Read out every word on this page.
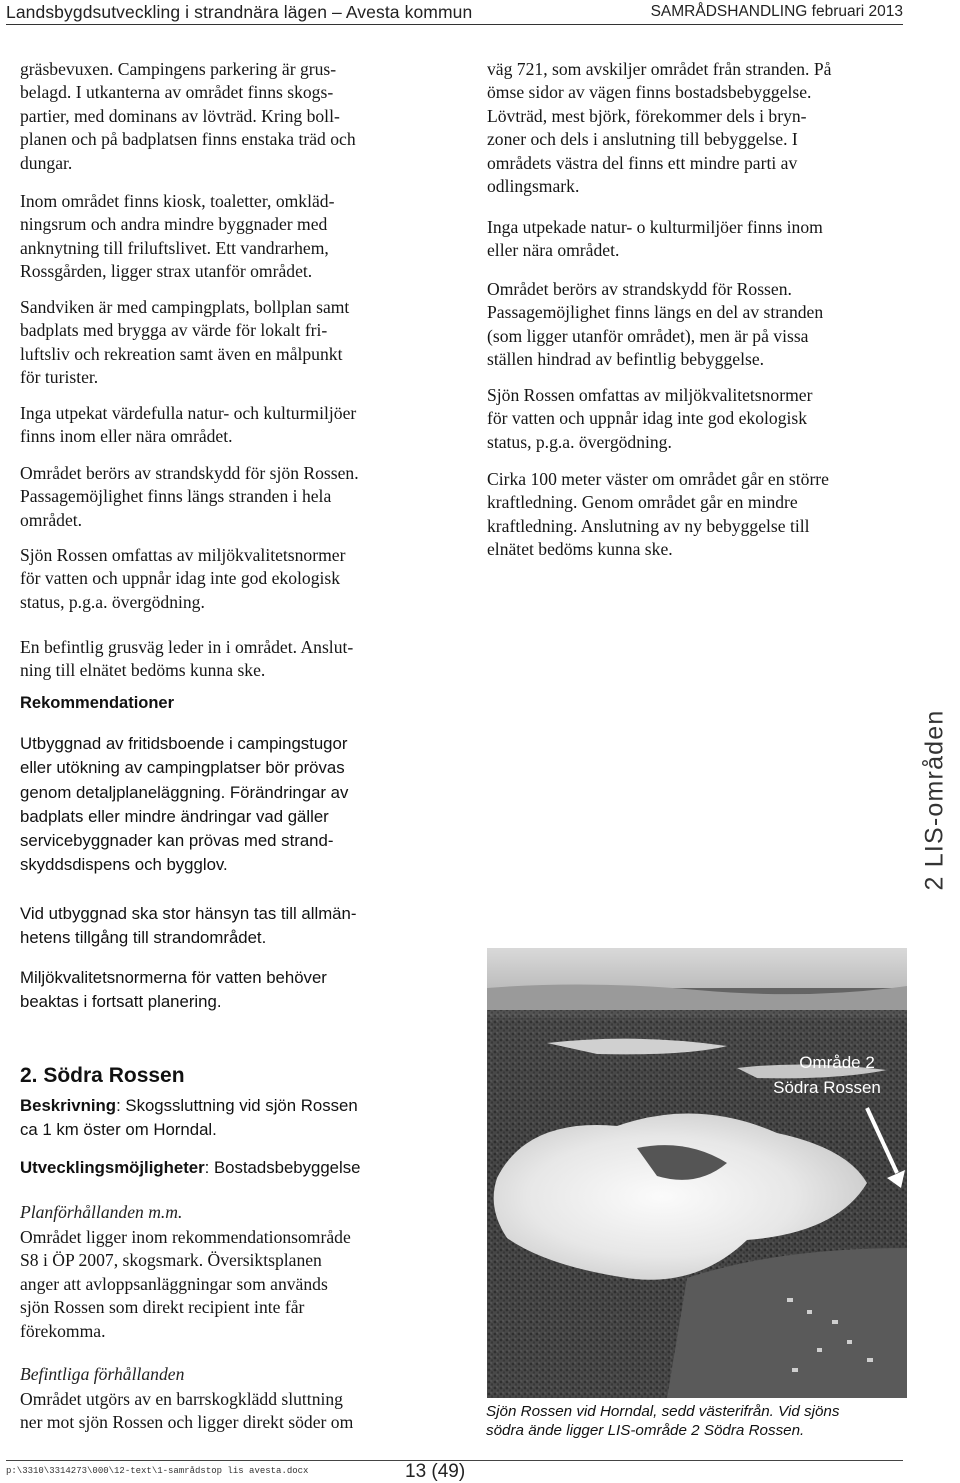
Landsbygdsutveckling i strandnära lägen – Avesta kommun	SAMRÅDSHANDLING februari 2013

gräsbevuxen. Campingens parkering är grus-

belagd. I utkanterna av området finns skogs-

partier, med dominans av lövträd. Kring boll-

planen och på badplatsen finns enstaka träd och

dungar.

Inom området finns kiosk, toaletter, omkläd-

ningsrum och andra mindre byggnader med

anknytning till friluftslivet. Ett vandrarhem,

Rossgården, ligger strax utanför området.

Sandviken är med campingplats, bollplan samt

badplats med brygga av värde för lokalt fri-

luftsliv och rekreation samt även en målpunkt

för turister.

Inga utpekat värdefulla natur- och kulturmiljöer

finns inom eller nära området.

Området berörs av strandskydd för sjön Rossen.

Passagemöjlighet finns längs stranden i hela

området.

Sjön Rossen omfattas av miljökvalitetsnormer

för vatten och uppnår idag inte god ekologisk

status, p.g.a. övergödning.

En befintlig grusväg leder in i området. Anslut-

ning till elnätet bedöms kunna ske.

Rekommendationer

Utbyggnad av fritidsboende i campingstugor

eller utökning av campingplatser bör prövas

genom detaljplaneläggning. Förändringar av

badplats eller mindre ändringar vad gäller

servicebyggnader kan prövas med strand-

skyddsdispens och bygglov.

Vid utbyggnad ska stor hänsyn tas till allmän-

hetens tillgång till strandområdet.

Miljökvalitetsnormerna för vatten behöver

beaktas i fortsatt planering.

2. Södra Rossen
Beskrivning: Skogssluttning vid sjön Rossen
ca 1 km öster om Horndal.
Utvecklingsmöjligheter: Bostadsbebyggelse
Planförhållanden m.m.

Området ligger inom rekommendationsområde

S8 i ÖP 2007, skogsmark. Översiktsplanen

anger att avloppsanläggningar som används

sjön Rossen som direkt recipient inte får

förekomma.

Befintliga förhållanden

Området utgörs av en barrskogklädd sluttning

ner mot sjön Rossen och ligger direkt söder om

väg 721, som avskiljer området från stranden. På

ömse sidor av vägen finns bostadsbebyggelse.

Lövträd, mest björk, förekommer dels i bryn-

zoner och dels i anslutning till bebyggelse. I

områdets västra del finns ett mindre parti av

odlingsmark.

Inga utpekade natur- o kulturmiljöer finns inom

eller nära området.

Området berörs av strandskydd för Rossen.

Passagemöjlighet finns längs en del av stranden

(som ligger utanför området), men är på vissa

ställen hindrad av befintlig bebyggelse.

Sjön Rossen omfattas av miljökvalitetsnormer

för vatten och uppnår idag inte god ekologisk

status, p.g.a. övergödning.

Cirka 100 meter väster om området går en större

kraftledning. Genom området går en mindre

kraftledning. Anslutning av ny bebyggelse till

elnätet bedöms kunna ske.

2 LIS-områden
Område 2
Södra Rossen
Sjön Rossen vid Horndal, sedd västerifrån. Vid sjöns
södra ände ligger LIS-område 2 Södra Rossen.
p:\3310\3314273\000\12-text\1-samrådstop lis avesta.docx	13 (49)
